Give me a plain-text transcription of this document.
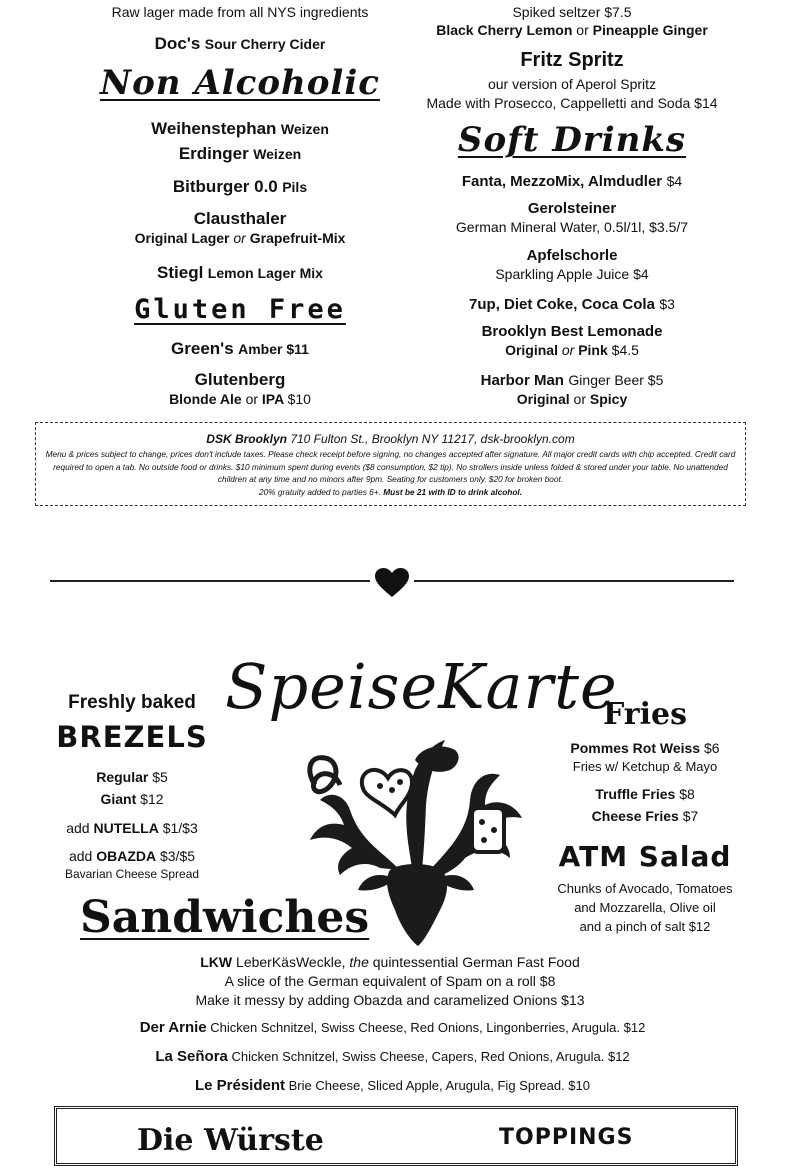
Raw lager made from all NYS ingredients
Doc's Sour Cherry Cider
Non Alcoholic
Weihenstephan Weizen
Erdinger Weizen
Bitburger 0.0 Pils
Clausthaler
Original Lager or Grapefruit-Mix
Stiegl Lemon Lager Mix
Gluten Free
Green's Amber $11
Glutenberg
Blonde Ale or IPA $10
Spiked seltzer $7.5
Black Cherry Lemon or Pineapple Ginger
Fritz Spritz
our version of Aperol Spritz
Made with Prosecco, Cappelletti and Soda $14
Soft Drinks
Fanta, MezzoMix, Almdudler $4
Gerolsteiner
German Mineral Water, 0.5l/1l, $3.5/7
Apfelschorle
Sparkling Apple Juice $4
7up, Diet Coke, Coca Cola $3
Brooklyn Best Lemonade
Original or Pink $4.5
Harbor Man Ginger Beer $5
Original or Spicy
DSK Brooklyn 710 Fulton St., Brooklyn NY 11217, dsk-brooklyn.com
Menu & prices subject to change, prices don't include taxes. Please check receipt before signing, no changes accepted after signature. All major credit cards with chip accepted. Credit card required to open a tab. No outside food or drinks. $10 minimum spent during events ($8 consumption, $2 tip). No strollers inside unless folded & stored under your table. No unattended children at any time and no minors after 9pm. Seating for customers only. $20 for broken boot.
20% gratuity added to parties 6+. Must be 21 with ID to drink alcohol.
SpeiseKarte
Freshly baked
BREZELS
Regular $5
Giant $12
add NUTELLA $1/$3
add OBAZDA $3/$5
Bavarian Cheese Spread
Fries
Pommes Rot Weiss $6
Fries w/ Ketchup & Mayo
Truffle Fries $8
Cheese Fries $7
ATM Salad
Chunks of Avocado, Tomatoes
and Mozzarella, Olive oil
and a pinch of salt $12
Sandwiches
LKW LeberKäsWeckle, the quintessential German Fast Food
A slice of the German equivalent of Spam on a roll $8
Make it messy by adding Obazda and caramelized Onions $13
Der Arnie Chicken Schnitzel, Swiss Cheese, Red Onions, Lingonberries, Arugula. $12
La Señora Chicken Schnitzel, Swiss Cheese, Capers, Red Onions, Arugula. $12
Le Président Brie Cheese, Sliced Apple, Arugula, Fig Spread. $10
Die Würste	TOPPINGS
